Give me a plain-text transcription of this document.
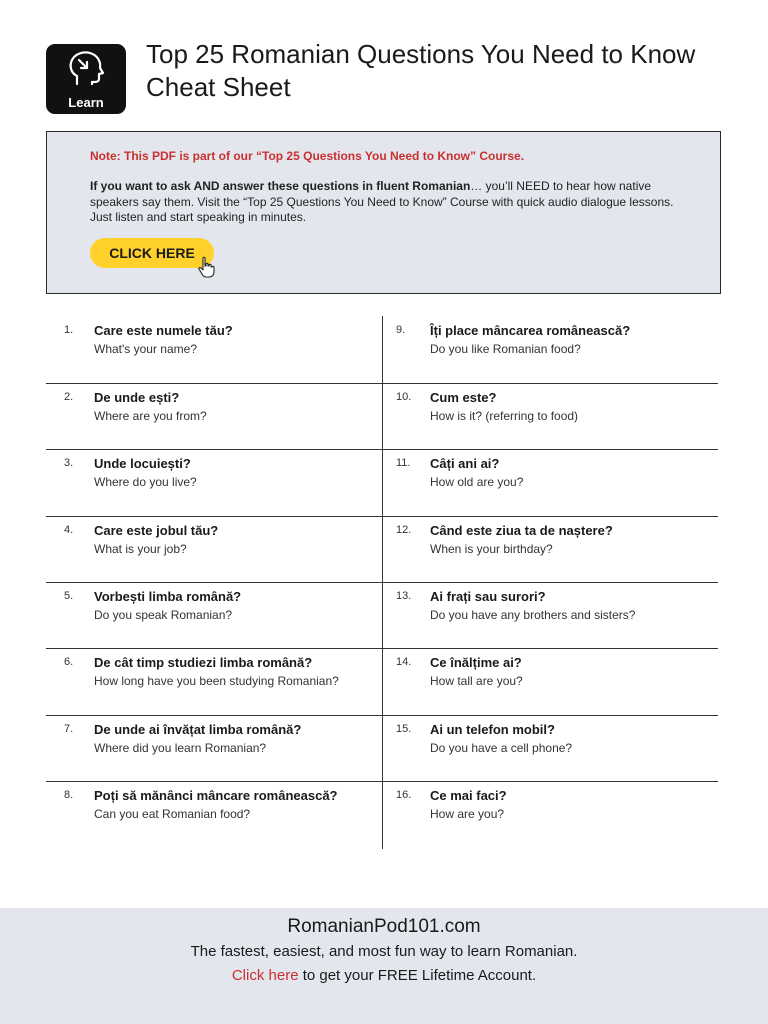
Learn
Top 25 Romanian Questions You Need to Know Cheat Sheet
Note: This PDF is part of our “Top 25 Questions You Need to Know” Course.
If you want to ask AND answer these questions in fluent Romanian… you’ll NEED to hear how native speakers say them. Visit the “Top 25 Questions You Need to Know” Course with quick audio dialogue lessons. Just listen and start speaking in minutes.
CLICK HERE
1. Care este numele tău?
What's your name?
2. De unde ești?
Where are you from?
3. Unde locuiești?
Where do you live?
4. Care este jobul tău?
What is your job?
5. Vorbești limba română?
Do you speak Romanian?
6. De cât timp studiezi limba română?
How long have you been studying Romanian?
7. De unde ai învățat limba română?
Where did you learn Romanian?
8. Poți să mănânci mâncare românească?
Can you eat Romanian food?
9. Îți place mâncarea românească?
Do you like Romanian food?
10. Cum este?
How is it? (referring to food)
11. Câți ani ai?
How old are you?
12. Când este ziua ta de naștere?
When is your birthday?
13. Ai frați sau surori?
Do you have any brothers and sisters?
14. Ce înălțime ai?
How tall are you?
15. Ai un telefon mobil?
Do you have a cell phone?
16. Ce mai faci?
How are you?
RomanianPod101.com
The fastest, easiest, and most fun way to learn Romanian.
Click here to get your FREE Lifetime Account.
